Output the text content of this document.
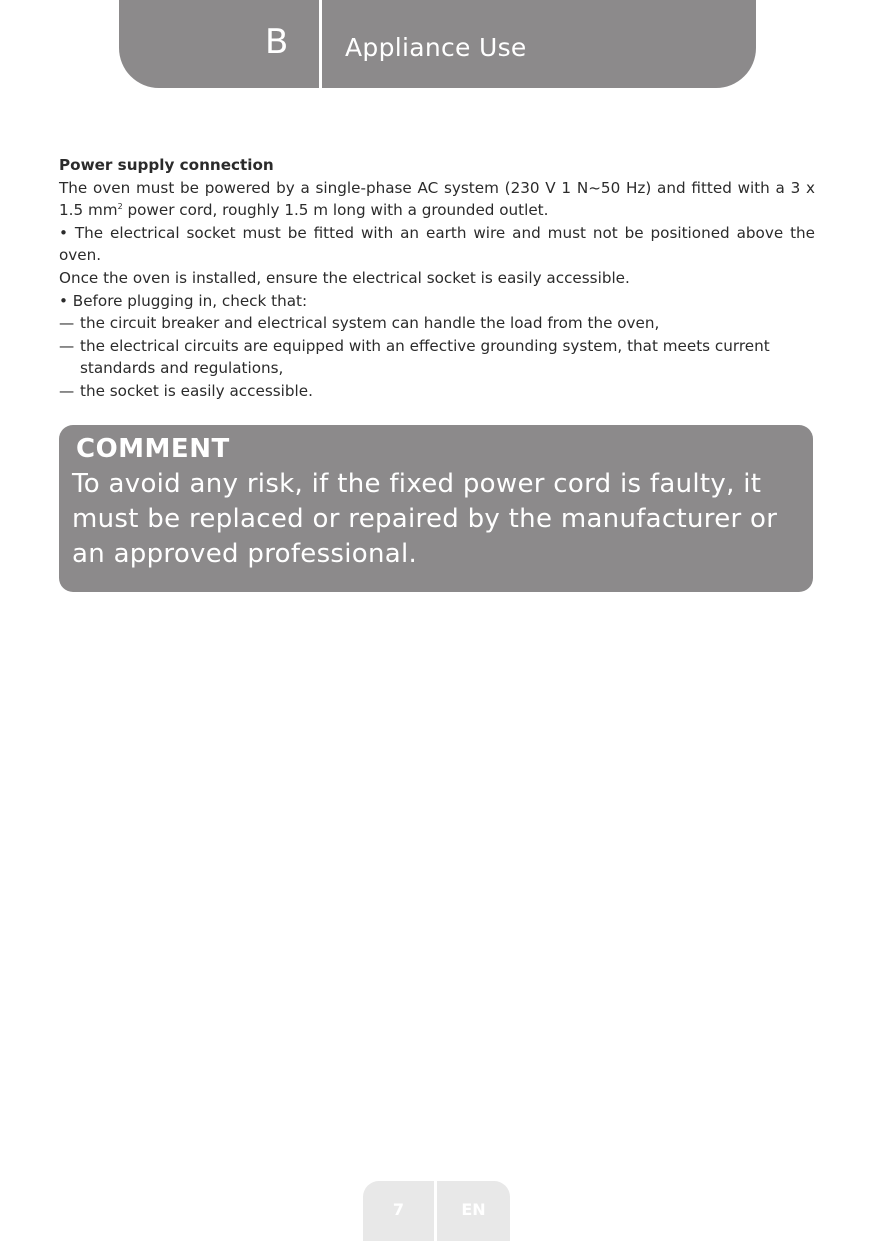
B Appliance Use

Power supply connection

The oven must be powered by a single-phase AC system (230 V 1 N~50 Hz) and fitted with a 3 x 1.5 $mm^2$ power cord, roughly 1.5 m long with a grounded outlet.

• The electrical socket must be fitted with an earth wire and must not be positioned above the oven.

Once the oven is installed, ensure the electrical socket is easily accessible.

• Before plugging in, check that:

— the circuit breaker and electrical system can handle the load from the oven,

— the electrical circuits are equipped with an effective grounding system, that meets current standards and regulations,

— the socket is easily accessible.

COMMENT
To avoid any risk, if the fixed power cord is faulty, it must be replaced or repaired by the manufacturer or an approved professional.
7	EN
